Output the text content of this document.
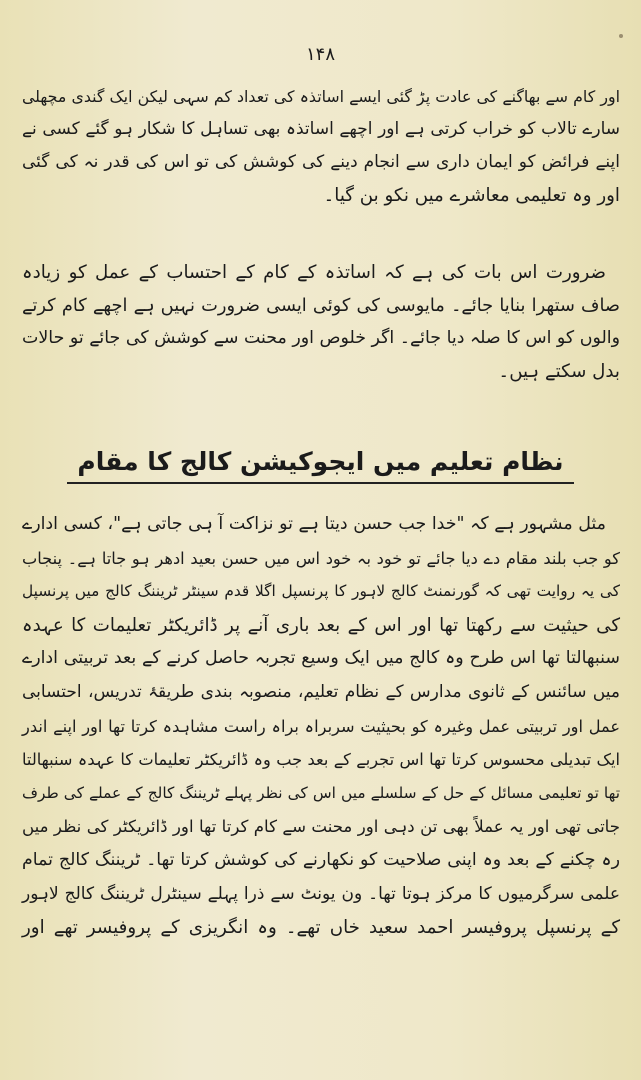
۱۴۸

اور کام سے بھاگنے کی عادت پڑ گئی ایسے اساتذہ کی تعداد کم سہی لیکن ایک گندی مچھلی

سارے تالاب کو خراب کرتی ہے اور اچھے اساتذہ بھی تساہل کا شکار ہو گئے کسی نے

اپنے فرائض کو ایمان داری سے انجام دینے کی کوشش کی تو اس کی قدر نہ کی گئی

اور وہ تعلیمی معاشرے میں نکو بن گیا۔

ضرورت اس بات کی ہے کہ اساتذہ کے کام کے احتساب کے عمل کو زیادہ

صاف ستھرا بنایا جائے۔ مایوسی کی کوئی ایسی ضرورت نہیں ہے اچھے کام کرتے

والوں کو اس کا صلہ دیا جائے۔ اگر خلوص اور محنت سے کوشش کی جائے تو حالات

بدل سکتے ہیں۔

نظام تعلیم میں ایجوکیشن کالج کا مقام

مثل مشہور ہے کہ "خدا جب حسن دیتا ہے تو نزاکت آ ہی جاتی ہے"، کسی ادارے

کو جب بلند مقام دے دیا جائے تو خود بہ خود اس میں حسن بعید ادھر ہو جاتا ہے۔ پنجاب

کی یہ روایت تھی کہ گورنمنٹ کالج لاہور کا پرنسپل اگلا قدم سینٹر ٹریننگ کالج میں پرنسپل

کی حیثیت سے رکھتا تھا اور اس کے بعد باری آنے پر ڈائریکٹر تعلیمات کا عہدہ

سنبھالتا تھا اس طرح وہ کالج میں ایک وسیع تجربہ حاصل کرنے کے بعد تربیتی ادارے

میں سائنس کے ثانوی مدارس کے نظام تعلیم، منصوبہ بندی طریقۂ تدریس، احتسابی

عمل اور تربیتی عمل وغیرہ کو بحیثیت سربراہ براہ راست مشاہدہ کرتا تھا اور اپنے اندر

ایک تبدیلی محسوس کرتا تھا اس تجربے کے بعد جب وہ ڈائریکٹر تعلیمات کا عہدہ سنبھالتا

تھا تو تعلیمی مسائل کے حل کے سلسلے میں اس کی نظر پہلے ٹریننگ کالج کے عملے کی طرف

جاتی تھی اور یہ عملاً بھی تن دہی اور محنت سے کام کرتا تھا اور ڈائریکٹر کی نظر میں

رہ چکنے کے بعد وہ اپنی صلاحیت کو نکھارنے کی کوشش کرتا تھا۔ ٹریننگ کالج تمام

علمی سرگرمیوں کا مرکز ہوتا تھا۔ ون یونٹ سے ذرا پہلے سینٹرل ٹریننگ کالج لاہور

کے پرنسپل پروفیسر احمد سعید خاں تھے۔ وہ انگریزی کے پروفیسر تھے اور
